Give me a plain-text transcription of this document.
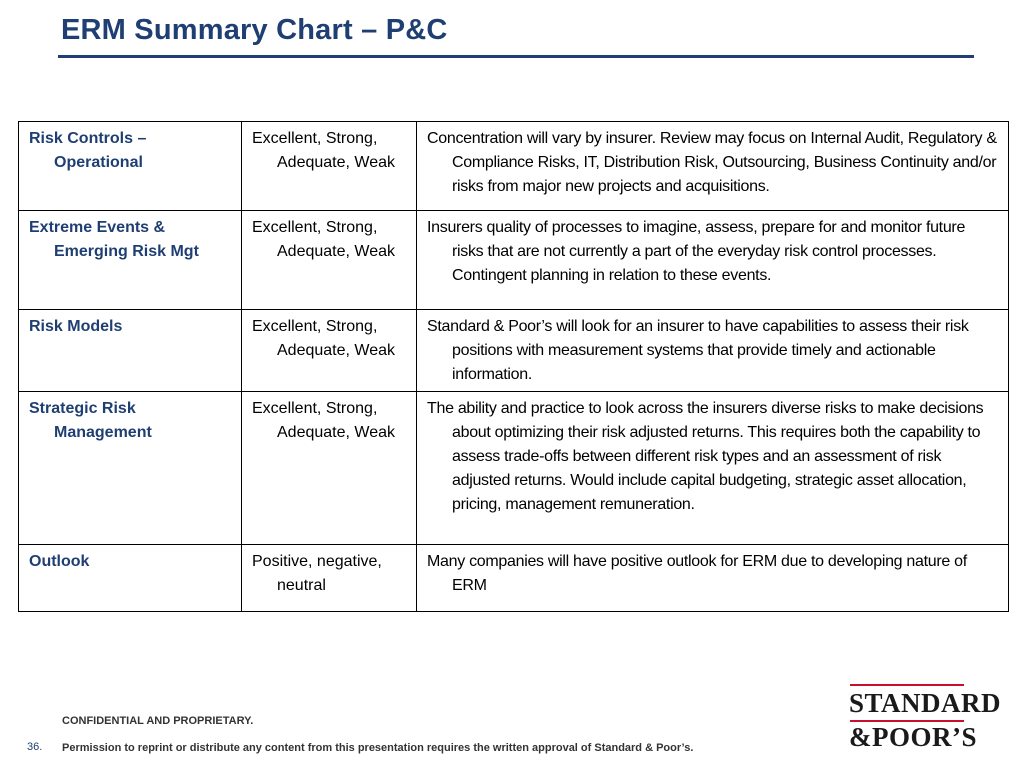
ERM Summary Chart – P&C
Risk Controls – Operational	Excellent, Strong, Adequate, Weak	Concentration will vary by insurer. Review may focus on Internal Audit, Regulatory & Compliance Risks, IT, Distribution Risk, Outsourcing, Business Continuity and/or risks from major new projects and acquisitions.

Extreme Events & Emerging Risk Mgt	Excellent, Strong, Adequate, Weak	Insurers quality of processes to imagine, assess, prepare for and monitor future risks that are not currently a part of the everyday risk control processes. Contingent planning in relation to these events.

Risk Models	Excellent, Strong, Adequate, Weak	Standard & Poor’s will look for an insurer to have capabilities to assess their risk positions with measurement systems that provide timely and actionable information.

Strategic Risk Management	Excellent, Strong, Adequate, Weak	The ability and practice to look across the insurers diverse risks to make decisions about optimizing their risk adjusted returns. This requires both the capability to assess trade-offs between different risk types and an assessment of risk adjusted returns. Would include capital budgeting, strategic asset allocation, pricing, management remuneration.

Outlook	Positive, negative, neutral	Many companies will have positive outlook for ERM due to developing nature of ERM
CONFIDENTIAL AND PROPRIETARY.
36. Permission to reprint or distribute any content from this presentation requires the written approval of Standard & Poor’s.
STANDARD
&POOR’S
